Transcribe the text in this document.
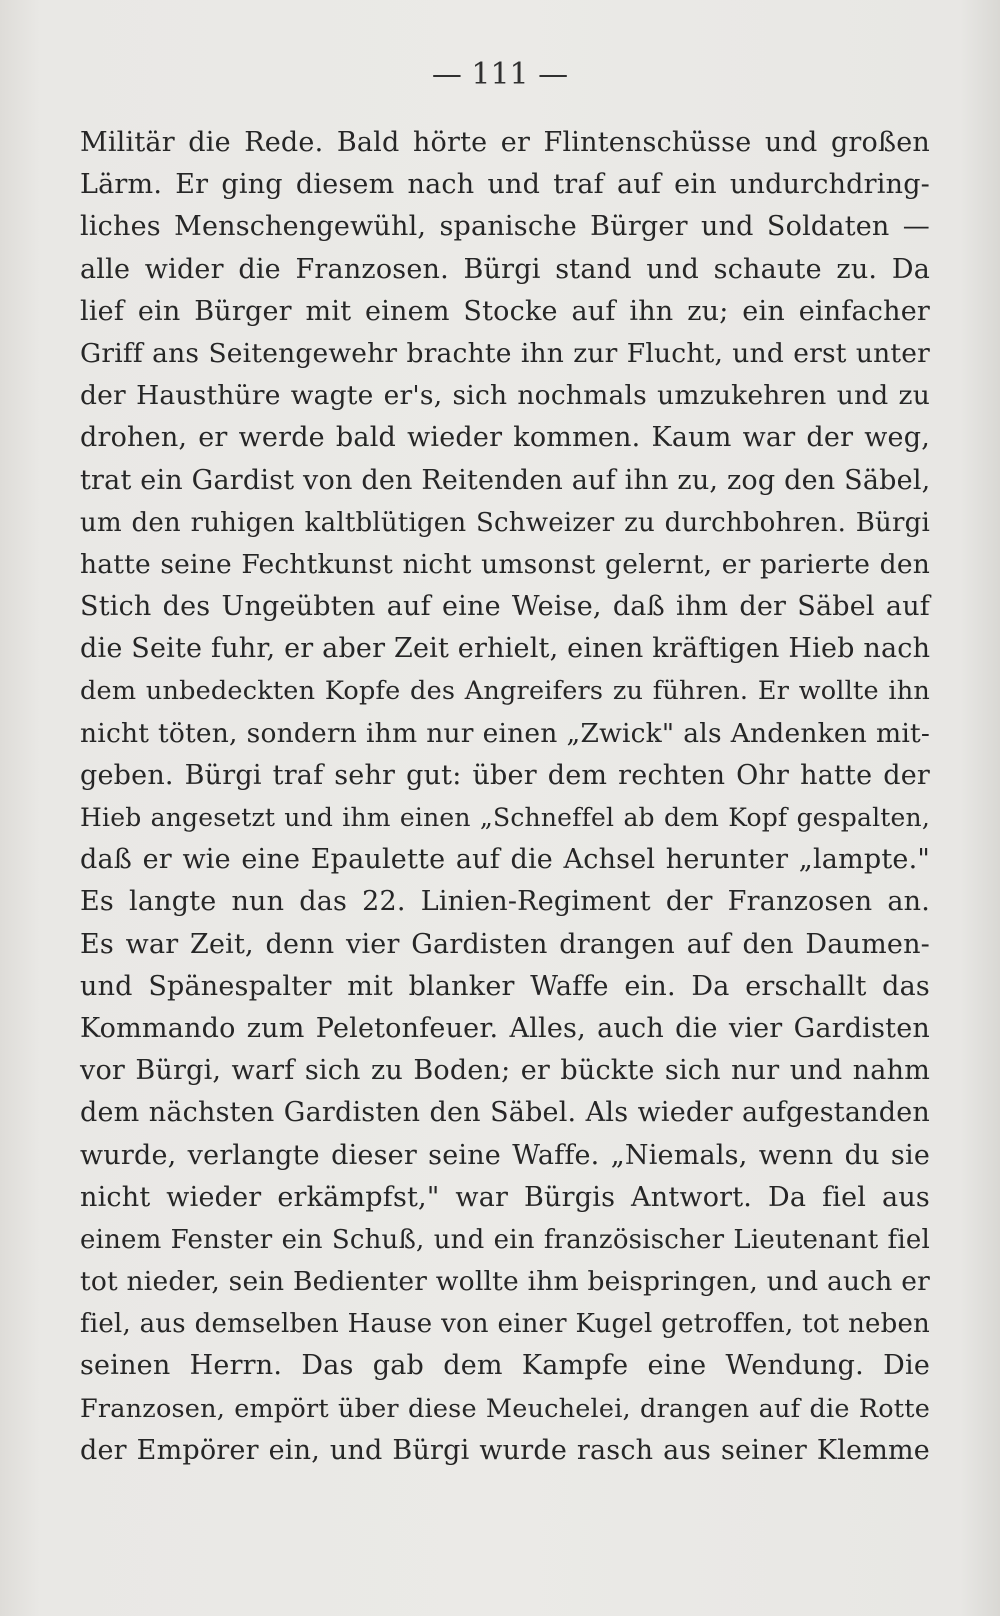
— 111 —
Militär die Rede. Bald hörte er Flintenschüsse und großen
Lärm. Er ging diesem nach und traf auf ein undurchdring-
liches Menschengewühl, spanische Bürger und Soldaten —
alle wider die Franzosen. Bürgi stand und schaute zu. Da
lief ein Bürger mit einem Stocke auf ihn zu; ein einfacher
Griff ans Seitengewehr brachte ihn zur Flucht, und erst unter
der Hausthüre wagte er's, sich nochmals umzukehren und zu
drohen, er werde bald wieder kommen. Kaum war der weg,
trat ein Gardist von den Reitenden auf ihn zu, zog den Säbel,
um den ruhigen kaltblütigen Schweizer zu durchbohren. Bürgi
hatte seine Fechtkunst nicht umsonst gelernt, er parierte den
Stich des Ungeübten auf eine Weise, daß ihm der Säbel auf
die Seite fuhr, er aber Zeit erhielt, einen kräftigen Hieb nach
dem unbedeckten Kopfe des Angreifers zu führen. Er wollte ihn
nicht töten, sondern ihm nur einen „Zwick" als Andenken mit-
geben. Bürgi traf sehr gut: über dem rechten Ohr hatte der
Hieb angesetzt und ihm einen „Schneffel ab dem Kopf gespalten,
daß er wie eine Epaulette auf die Achsel herunter „lampte."
Es langte nun das 22. Linien-Regiment der Franzosen an.
Es war Zeit, denn vier Gardisten drangen auf den Daumen-
und Spänespalter mit blanker Waffe ein. Da erschallt das
Kommando zum Peletonfeuer. Alles, auch die vier Gardisten
vor Bürgi, warf sich zu Boden; er bückte sich nur und nahm
dem nächsten Gardisten den Säbel. Als wieder aufgestanden
wurde, verlangte dieser seine Waffe. „Niemals, wenn du sie
nicht wieder erkämpfst," war Bürgis Antwort. Da fiel aus
einem Fenster ein Schuß, und ein französischer Lieutenant fiel
tot nieder, sein Bedienter wollte ihm beispringen, und auch er
fiel, aus demselben Hause von einer Kugel getroffen, tot neben
seinen Herrn. Das gab dem Kampfe eine Wendung. Die
Franzosen, empört über diese Meuchelei, drangen auf die Rotte
der Empörer ein, und Bürgi wurde rasch aus seiner Klemme
